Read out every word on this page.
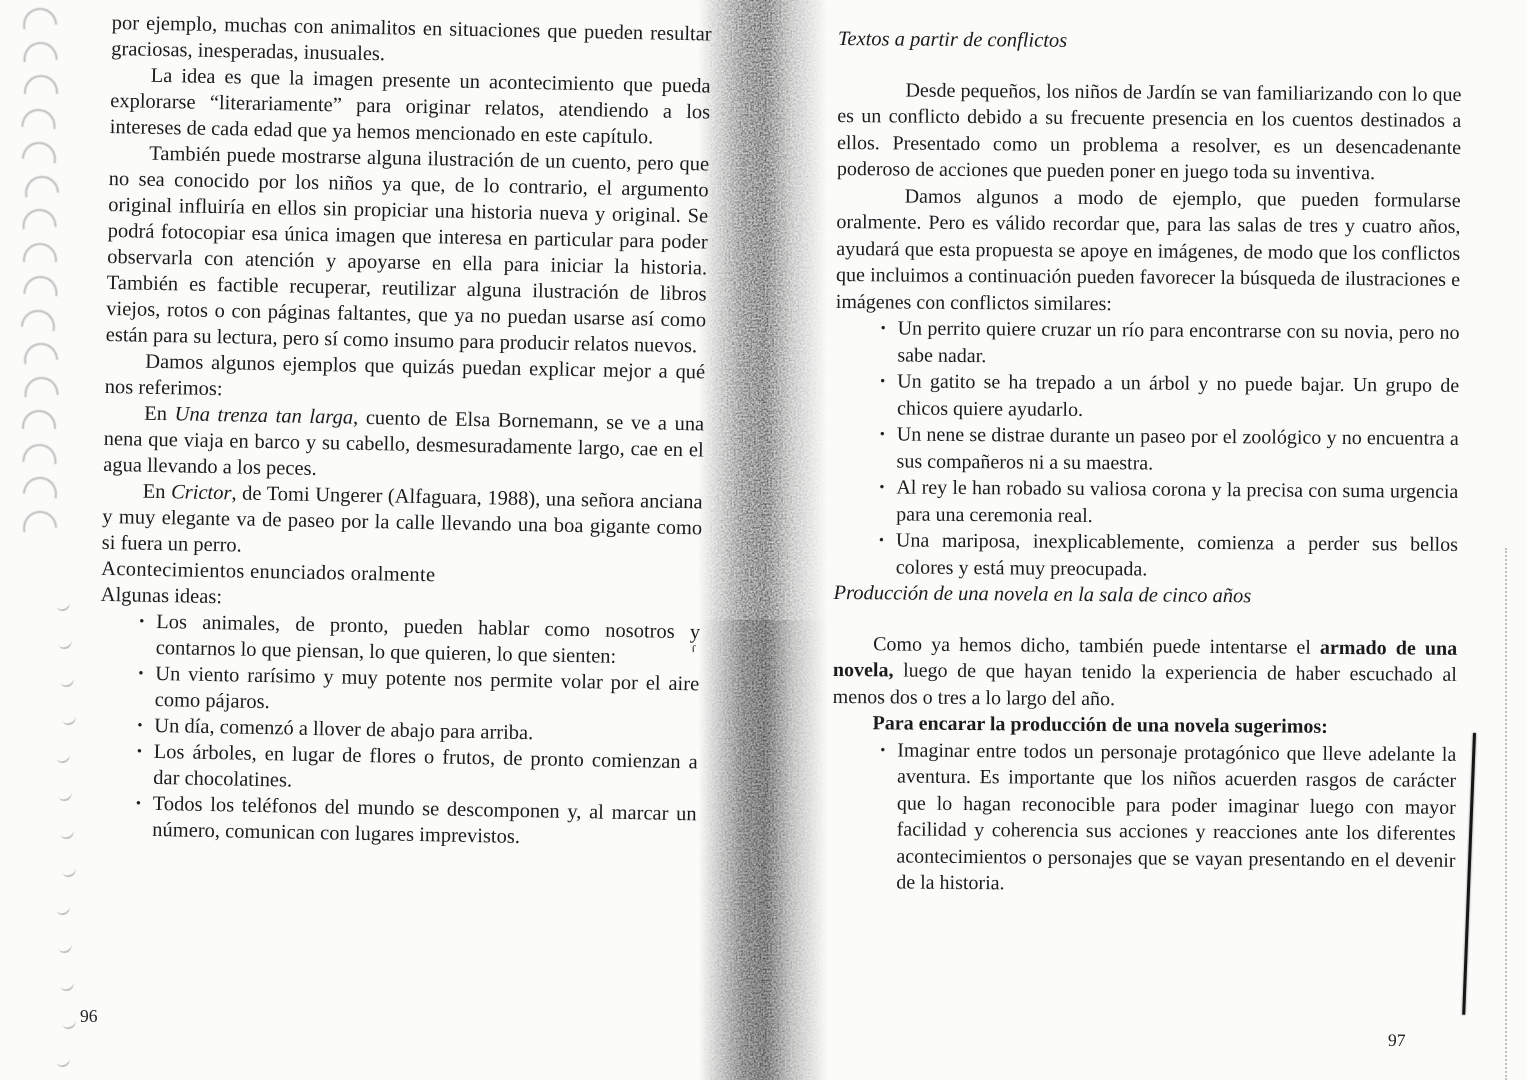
ɾ

por ejemplo, muchas con animalitos en situaciones que pueden resultar graciosas, inesperadas, inusuales.

La idea es que la imagen presente un acontecimiento que pueda explorarse “literariamente” para originar relatos, atendiendo a los intereses de cada edad que ya hemos mencionado en este capítulo.

También puede mostrarse alguna ilustración de un cuento, pero que no sea conocido por los niños ya que, de lo contrario, el argumento original influiría en ellos sin propiciar una historia nueva y original. Se podrá fotocopiar esa única imagen que interesa en particular para poder observarla con atención y apoyarse en ella para iniciar la historia. También es factible recuperar, reutilizar alguna ilustración de libros viejos, rotos o con páginas faltantes, que ya no puedan usarse así como están para su lectura, pero sí como insumo para producir relatos nuevos.

Damos algunos ejemplos que quizás puedan explicar mejor a qué nos referimos:

En Una trenza tan larga, cuento de Elsa Bornemann, se ve a una nena que viaja en barco y su cabello, desmesuradamente largo, cae en el agua llevando a los peces.

En Crictor, de Tomi Ungerer (Alfaguara, 1988), una señora anciana y muy elegante va de paseo por la calle llevando una boa gigante como si fuera un perro.

Acontecimientos enunciados oralmente

Algunas ideas:

• Los animales, de pronto, pueden hablar como nosotros y contarnos lo que piensan, lo que quieren, lo que sienten:
• Un viento rarísimo y muy potente nos permite volar por el aire como pájaros.
• Un día, comenzó a llover de abajo para arriba.
• Los árboles, en lugar de flores o frutos, de pronto comienzan a dar chocolatines.
• Todos los teléfonos del mundo se descomponen y, al marcar un número, comunican con lugares imprevistos.
96

Textos a partir de conflictos

Desde pequeños, los niños de Jardín se van familiarizando con lo que es un conflicto debido a su frecuente presencia en los cuentos destinados a ellos. Presentado como un problema a resolver, es un desencadenante poderoso de acciones que pueden poner en juego toda su inventiva.

Damos algunos a modo de ejemplo, que pueden formularse oralmente. Pero es válido recordar que, para las salas de tres y cuatro años, ayudará que esta propuesta se apoye en imágenes, de modo que los conflictos que incluimos a continuación pueden favorecer la búsqueda de ilustraciones e imágenes con conflictos similares:

• Un perrito quiere cruzar un río para encontrarse con su novia, pero no sabe nadar.
• Un gatito se ha trepado a un árbol y no puede bajar. Un grupo de chicos quiere ayudarlo.
• Un nene se distrae durante un paseo por el zoológico y no encuentra a sus compañeros ni a su maestra.
• Al rey le han robado su valiosa corona y la precisa con suma urgencia para una ceremonia real.
• Una mariposa, inexplicablemente, comienza a perder sus bellos colores y está muy preocupada.

Producción de una novela en la sala de cinco años

Como ya hemos dicho, también puede intentarse el armado de una novela, luego de que hayan tenido la experiencia de haber escuchado al menos dos o tres a lo largo del año.

Para encarar la producción de una novela sugerimos:

• Imaginar entre todos un personaje protagónico que lleve adelante la aventura. Es importante que los niños acuerden rasgos de carácter que lo hagan reconocible para poder imaginar luego con mayor facilidad y coherencia sus acciones y reacciones ante los diferentes acontecimientos o personajes que se vayan presentando en el devenir de la historia.
97
